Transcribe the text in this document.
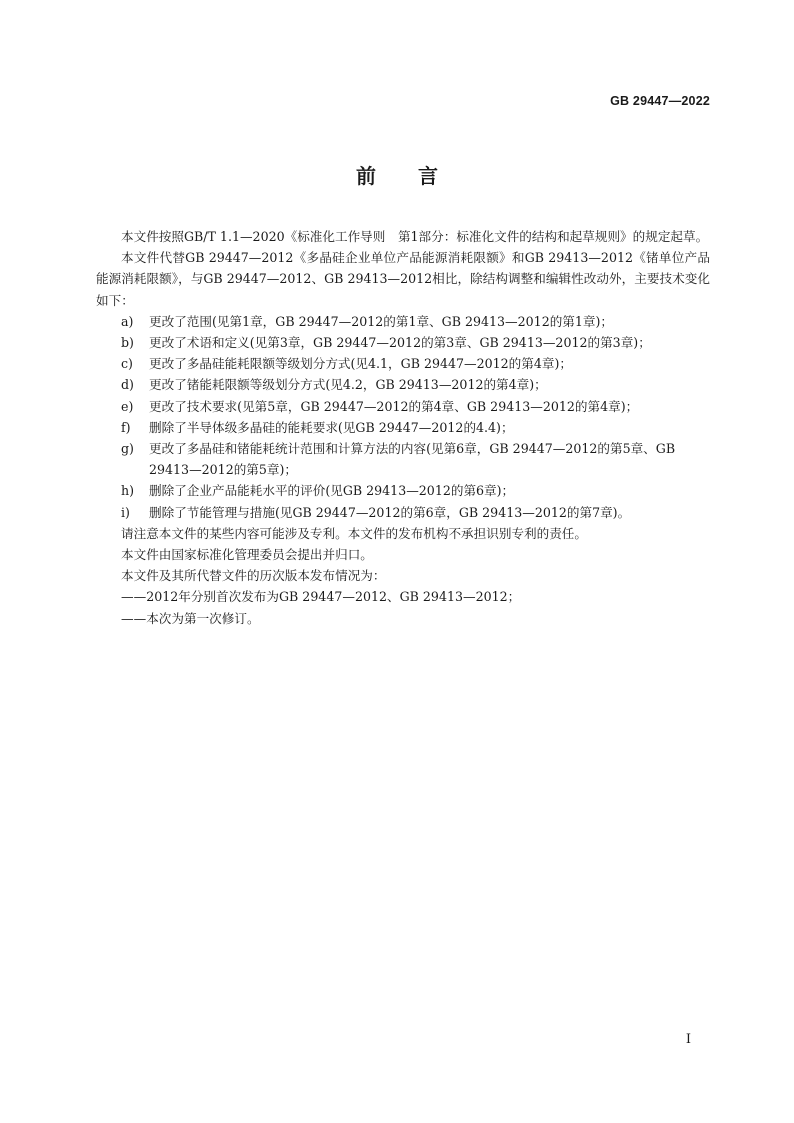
GB 29447—2022
前言

本文件按照GB/T 1.1—2020《标准化工作导则　第1部分：标准化文件的结构和起草规则》的规定起草。

本文件代替GB 29447—2012《多晶硅企业单位产品能源消耗限额》和GB 29413—2012《锗单位产品能源消耗限额》，与GB 29447—2012、GB 29413—2012相比，除结构调整和编辑性改动外，主要技术变化如下：

a)	更改了范围(见第1章，GB 29447—2012的第1章、GB 29413—2012的第1章)；
b)	更改了术语和定义(见第3章，GB 29447—2012的第3章、GB 29413—2012的第3章)；
c)	更改了多晶硅能耗限额等级划分方式(见4.1，GB 29447—2012的第4章)；
d)	更改了锗能耗限额等级划分方式(见4.2，GB 29413—2012的第4章)；
e)	更改了技术要求(见第5章，GB 29447—2012的第4章、GB 29413—2012的第4章)；
f)	删除了半导体级多晶硅的能耗要求(见GB 29447—2012的4.4)；
g)	更改了多晶硅和锗能耗统计范围和计算方法的内容(见第6章，GB 29447—2012的第5章、GB 29413—2012的第5章)；
h)	删除了企业产品能耗水平的评价(见GB 29413—2012的第6章)；
i)	删除了节能管理与措施(见GB 29447—2012的第6章，GB 29413—2012的第7章)。

请注意本文件的某些内容可能涉及专利。本文件的发布机构不承担识别专利的责任。

本文件由国家标准化管理委员会提出并归口。

本文件及其所代替文件的历次版本发布情况为：

——2012年分别首次发布为GB 29447—2012、GB 29413—2012；

——本次为第一次修订。

I
